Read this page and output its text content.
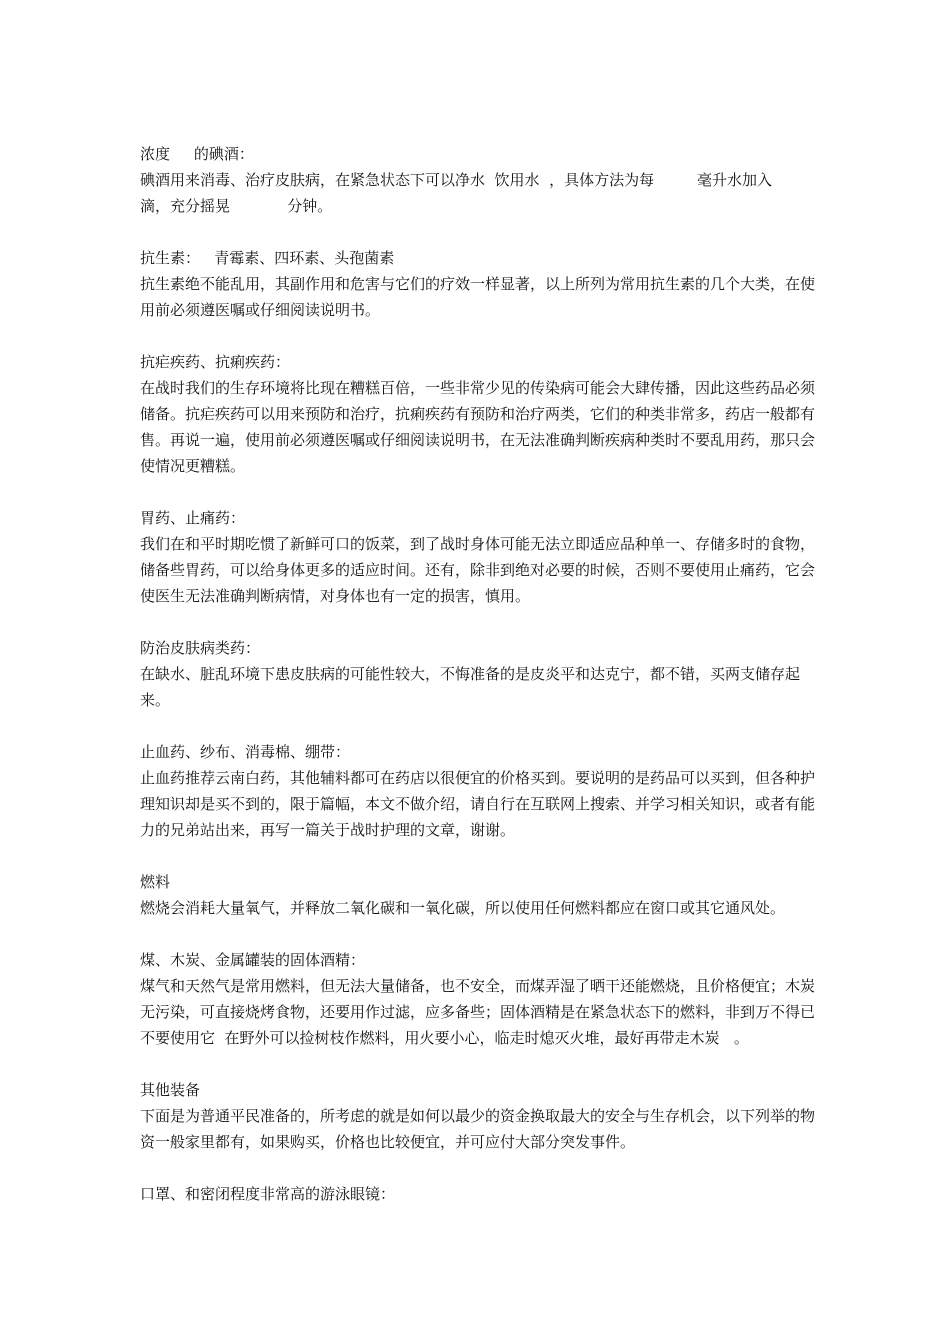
浓度     的碘酒：

碘酒用来消毒、治疗皮肤病，在紧急状态下可以净水  饮用水  ，具体方法为每         毫升水加入    滴，充分摇晃            分钟。

抗生素：   青霉素、四环素、头孢菌素

抗生素绝不能乱用，其副作用和危害与它们的疗效一样显著，以上所列为常用抗生素的几个大类，在使用前必须遵医嘱或仔细阅读说明书。

抗疟疾药、抗痢疾药：

在战时我们的生存环境将比现在糟糕百倍，一些非常少见的传染病可能会大肆传播，因此这些药品必须储备。抗疟疾药可以用来预防和治疗，抗痢疾药有预防和治疗两类，它们的种类非常多，药店一般都有售。再说一遍，使用前必须遵医嘱或仔细阅读说明书，在无法准确判断疾病种类时不要乱用药，那只会使情况更糟糕。

胃药、止痛药：

我们在和平时期吃惯了新鲜可口的饭菜，到了战时身体可能无法立即适应品种单一、存储多时的食物，储备些胃药，可以给身体更多的适应时间。还有，除非到绝对必要的时候，否则不要使用止痛药，它会使医生无法准确判断病情，对身体也有一定的损害，慎用。

防治皮肤病类药：

在缺水、脏乱环境下患皮肤病的可能性较大，不悔准备的是皮炎平和达克宁，都不错，买两支储存起来。

止血药、纱布、消毒棉、绷带：

止血药推荐云南白药，其他辅料都可在药店以很便宜的价格买到。要说明的是药品可以买到，但各种护理知识却是买不到的，限于篇幅，本文不做介绍，请自行在互联网上搜索、并学习相关知识，或者有能力的兄弟站出来，再写一篇关于战时护理的文章，谢谢。

燃料

燃烧会消耗大量氧气，并释放二氧化碳和一氧化碳，所以使用任何燃料都应在窗口或其它通风处。

煤、木炭、金属罐装的固体酒精：

煤气和天然气是常用燃料，但无法大量储备，也不安全，而煤弄湿了晒干还能燃烧，且价格便宜；木炭无污染，可直接烧烤食物，还要用作过滤，应多备些；固体酒精是在紧急状态下的燃料，非到万不得已不要使用它  在野外可以捡树枝作燃料，用火要小心，临走时熄灭火堆，最好再带走木炭   。

其他装备

下面是为普通平民准备的，所考虑的就是如何以最少的资金换取最大的安全与生存机会，以下列举的物资一般家里都有，如果购买，价格也比较便宜，并可应付大部分突发事件。

口罩、和密闭程度非常高的游泳眼镜：
